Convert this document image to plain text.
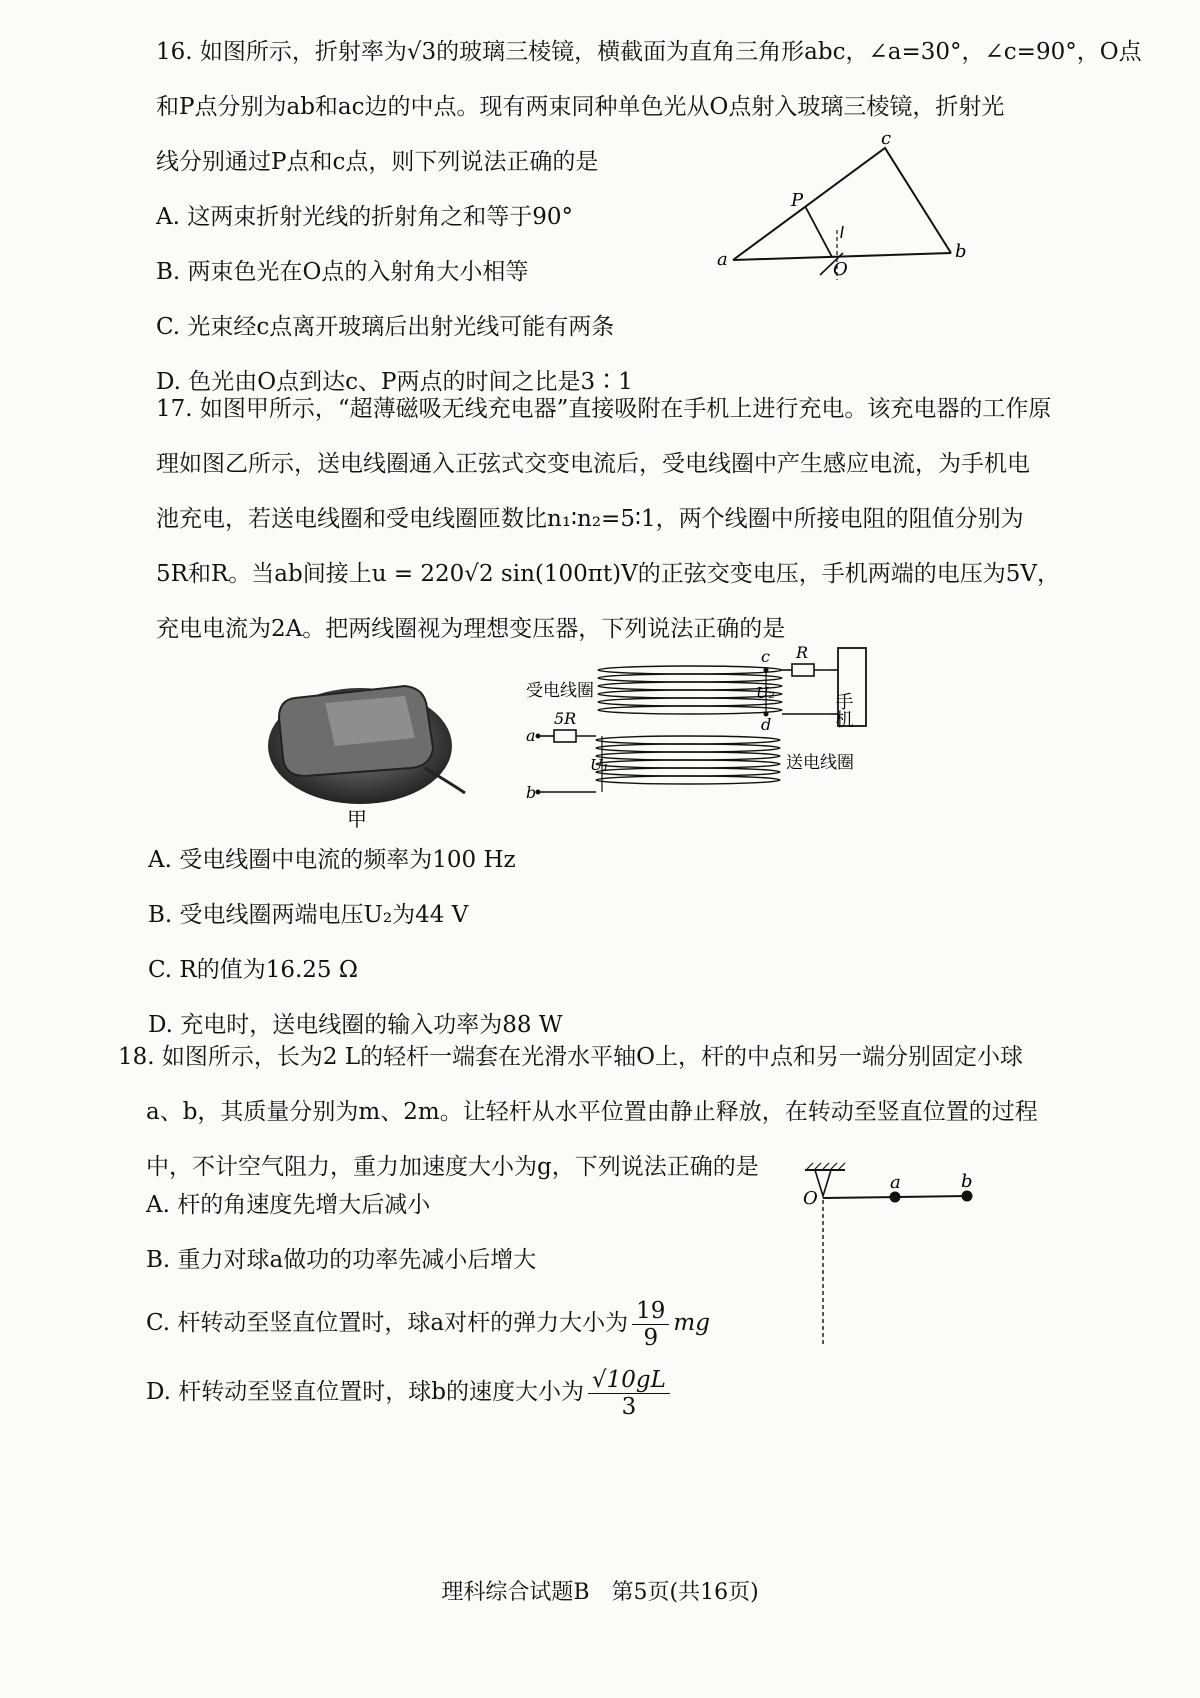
16. 如图所示，折射率为√3的玻璃三棱镜，横截面为直角三角形abc，∠a=30°，∠c=90°，O点
和P点分别为ab和ac边的中点。现有两束同种单色光从O点射入玻璃三棱镜，折射光
线分别通过P点和c点，则下列说法正确的是
A. 这两束折射光线的折射角之和等于90°
B. 两束色光在O点的入射角大小相等
C. 光束经c点离开玻璃后出射光线可能有两条
D. 色光由O点到达c、P两点的时间之比是3∶1
a	b
c
P
O
17. 如图甲所示，“超薄磁吸无线充电器”直接吸附在手机上进行充电。该充电器的工作原
理如图乙所示，送电线圈通入正弦式交变电流后，受电线圈中产生感应电流，为手机电
池充电，若送电线圈和受电线圈匝数比n₁∶n₂=5∶1，两个线圈中所接电阻的阻值分别为
5R和R。当ab间接上u = 220√2 sin(100πt)V的正弦交变电压，手机两端的电压为5V，
充电电流为2A。把两线圈视为理想变压器，下列说法正确的是
甲
受电线圈
送电线圈
5R
R
手机
a
b
c
d
U₂
U₁
A. 受电线圈中电流的频率为100 Hz
B. 受电线圈两端电压U₂为44 V
C. R的值为16.25 Ω
D. 充电时，送电线圈的输入功率为88 W
18. 如图所示，长为2 L的轻杆一端套在光滑水平轴O上，杆的中点和另一端分别固定小球
a、b，其质量分别为m、2m。让轻杆从水平位置由静止释放，在转动至竖直位置的过程
中，不计空气阻力，重力加速度大小为g，下列说法正确的是
A. 杆的角速度先增大后减小
B. 重力对球a做功的功率先减小后增大
C. 杆转动至竖直位置时，球a对杆的弹力大小为 $\frac{19}{9}$ mg
D. 杆转动至竖直位置时，球b的速度大小为 $\frac{√10gL}{3}$
O
a	b
理科综合试题B　第5页(共16页)
